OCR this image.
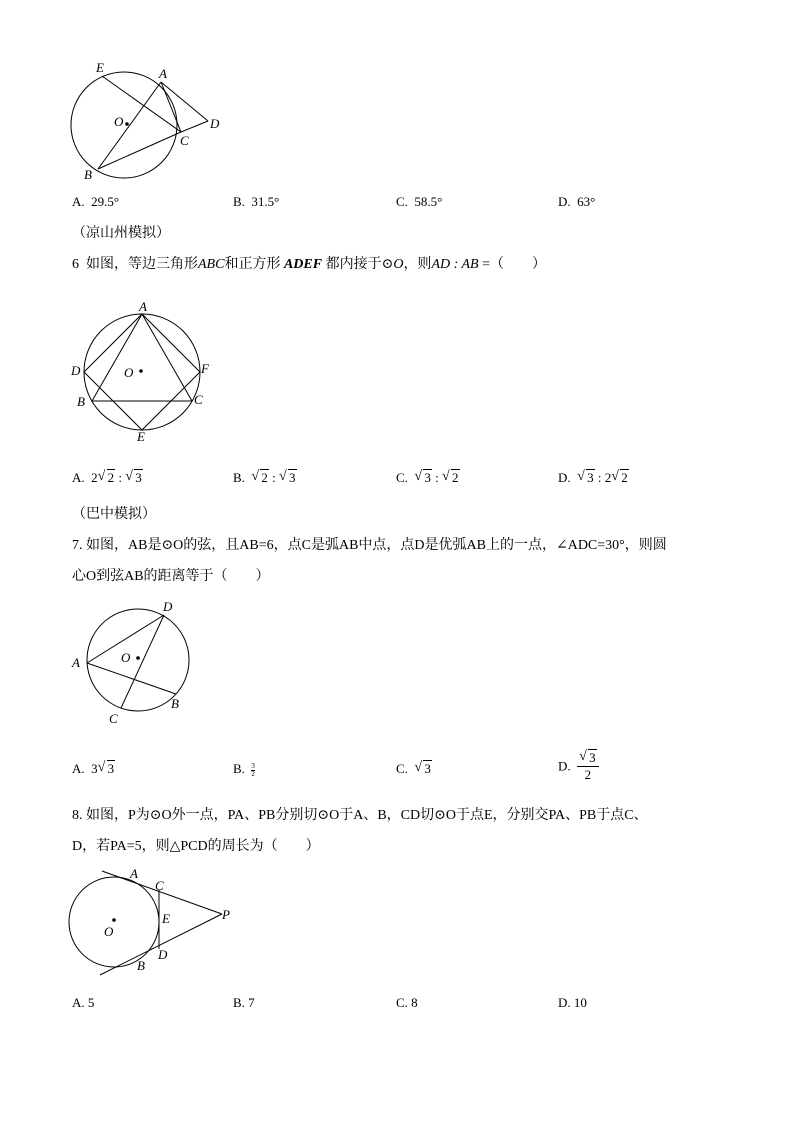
E	A
O	D
C
B
A. 29.5°	B. 31.5°	C. 58.5°	D. 63°
（凉山州模拟）
6 如图，等边三角形ABC和正方形 ADEF 都内接于⊙O，则AD : AB =（　　）
A
D	F
O
B	C
E
A. 2 √ 2 : √ 3	B. √ 2 : √ 3	C. √ 3 : √ 2	D. √ 3 : 2 √ 2
（巴中模拟）
7. 如图，AB是⊙O的弦，且AB=6，点C是弧AB中点，点D是优弧AB上的一点，∠ADC=30°，则圆
心O到弦AB的距离等于（　　）
D
A	O
B
C
A. 3 √ 3	B. $\frac{3}{2}$	C. √ 3	D. $\frac{√ 3}{2}$
8. 如图，P为⊙O外一点，PA、PB分别切⊙O于A、B，CD切⊙O于点E，分别交PA、PB于点C、
D，若PA=5，则△PCD的周长为（　　）
A
C
E	P
O
B
D
A. 5	B. 7	C. 8	D. 10
